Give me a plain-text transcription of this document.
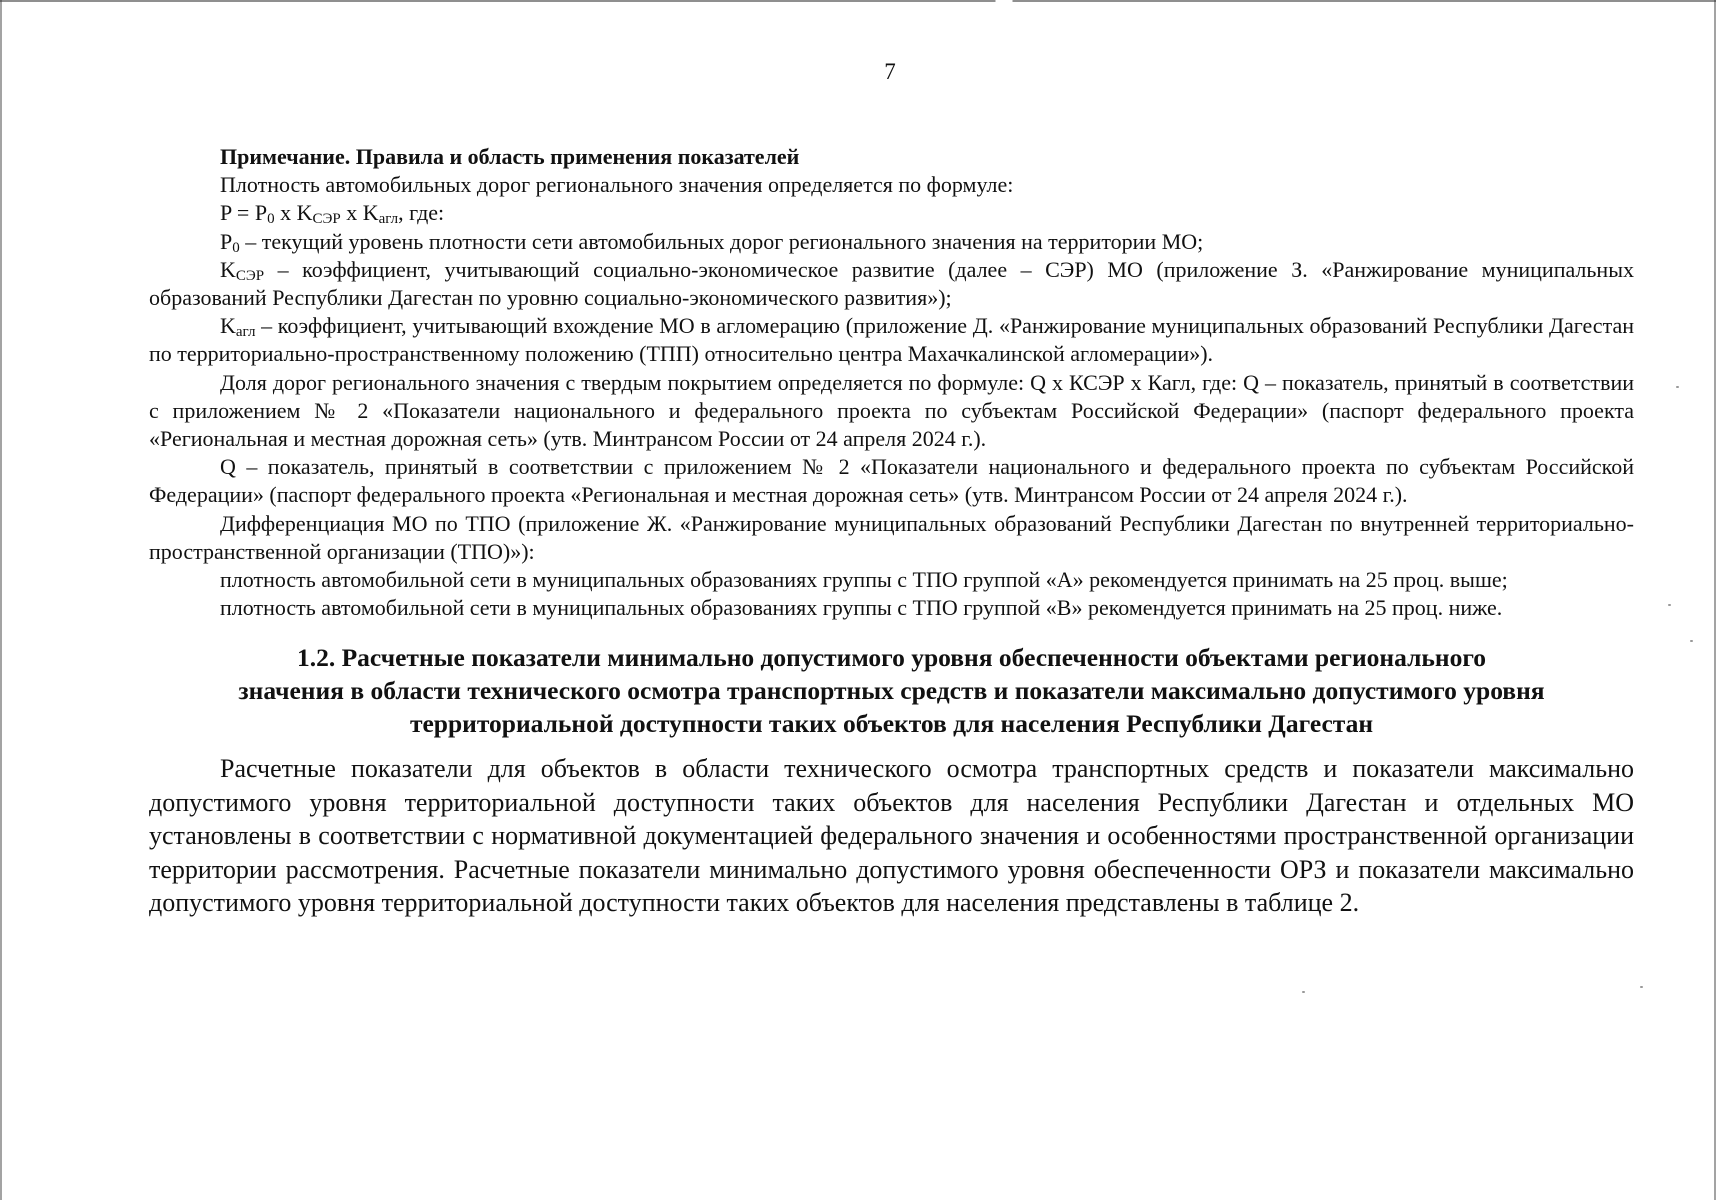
7

Примечание. Правила и область применения показателей

Плотность автомобильных дорог регионального значения определяется по формуле:

$P = P_0$ x $K_{СЭР}$ x $K_{агл}$, где:

$P_0$ – текущий уровень плотности сети автомобильных дорог регионального значения на территории МО;

$K_{СЭР}$ – коэффициент, учитывающий социально-экономическое развитие (далее – СЭР) МО (приложение З. «Ранжирование муниципальных образований Республики Дагестан по уровню социально-экономического развития»);

$K_{агл}$ – коэффициент, учитывающий вхождение МО в агломерацию (приложение Д. «Ранжирование муниципальных образований Республики Дагестан по территориально-пространственному положению (ТПП) относительно центра Махачкалинской агломерации»).

Доля дорог регионального значения с твердым покрытием определяется по формуле: Q x КСЭР x Кагл, где: Q – показатель, принятый в соответствии с приложением № 2 «Показатели национального и федерального проекта по субъектам Российской Федерации» (паспорт федерального проекта «Региональная и местная дорожная сеть» (утв. Минтрансом России от 24 апреля 2024 г.).

Q – показатель, принятый в соответствии с приложением № 2 «Показатели национального и федерального проекта по субъектам Российской Федерации» (паспорт федерального проекта «Региональная и местная дорожная сеть» (утв. Минтрансом России от 24 апреля 2024 г.).

Дифференциация МО по ТПО (приложение Ж. «Ранжирование муниципальных образований Республики Дагестан по внутренней территориально-пространственной организации (ТПО)»):

плотность автомобильной сети в муниципальных образованиях группы с ТПО группой «А» рекомендуется принимать на 25 проц. выше;

плотность автомобильной сети в муниципальных образованиях группы с ТПО группой «В» рекомендуется принимать на 25 проц. ниже.

1.2. Расчетные показатели минимально допустимого уровня обеспеченности объектами регионального
значения в области технического осмотра транспортных средств и показатели максимально допустимого уровня
территориальной доступности таких объектов для населения Республики Дагестан

Расчетные показатели для объектов в области технического осмотра транспортных средств и показатели максимально допустимого уровня территориальной доступности таких объектов для населения Республики Дагестан и отдельных МО установлены в соответствии с нормативной документацией федерального значения и особенностями пространственной организации территории рассмотрения. Расчетные показатели минимально допустимого уровня обеспеченности ОРЗ и показатели максимально допустимого уровня территориальной доступности таких объектов для населения представлены в таблице 2.
